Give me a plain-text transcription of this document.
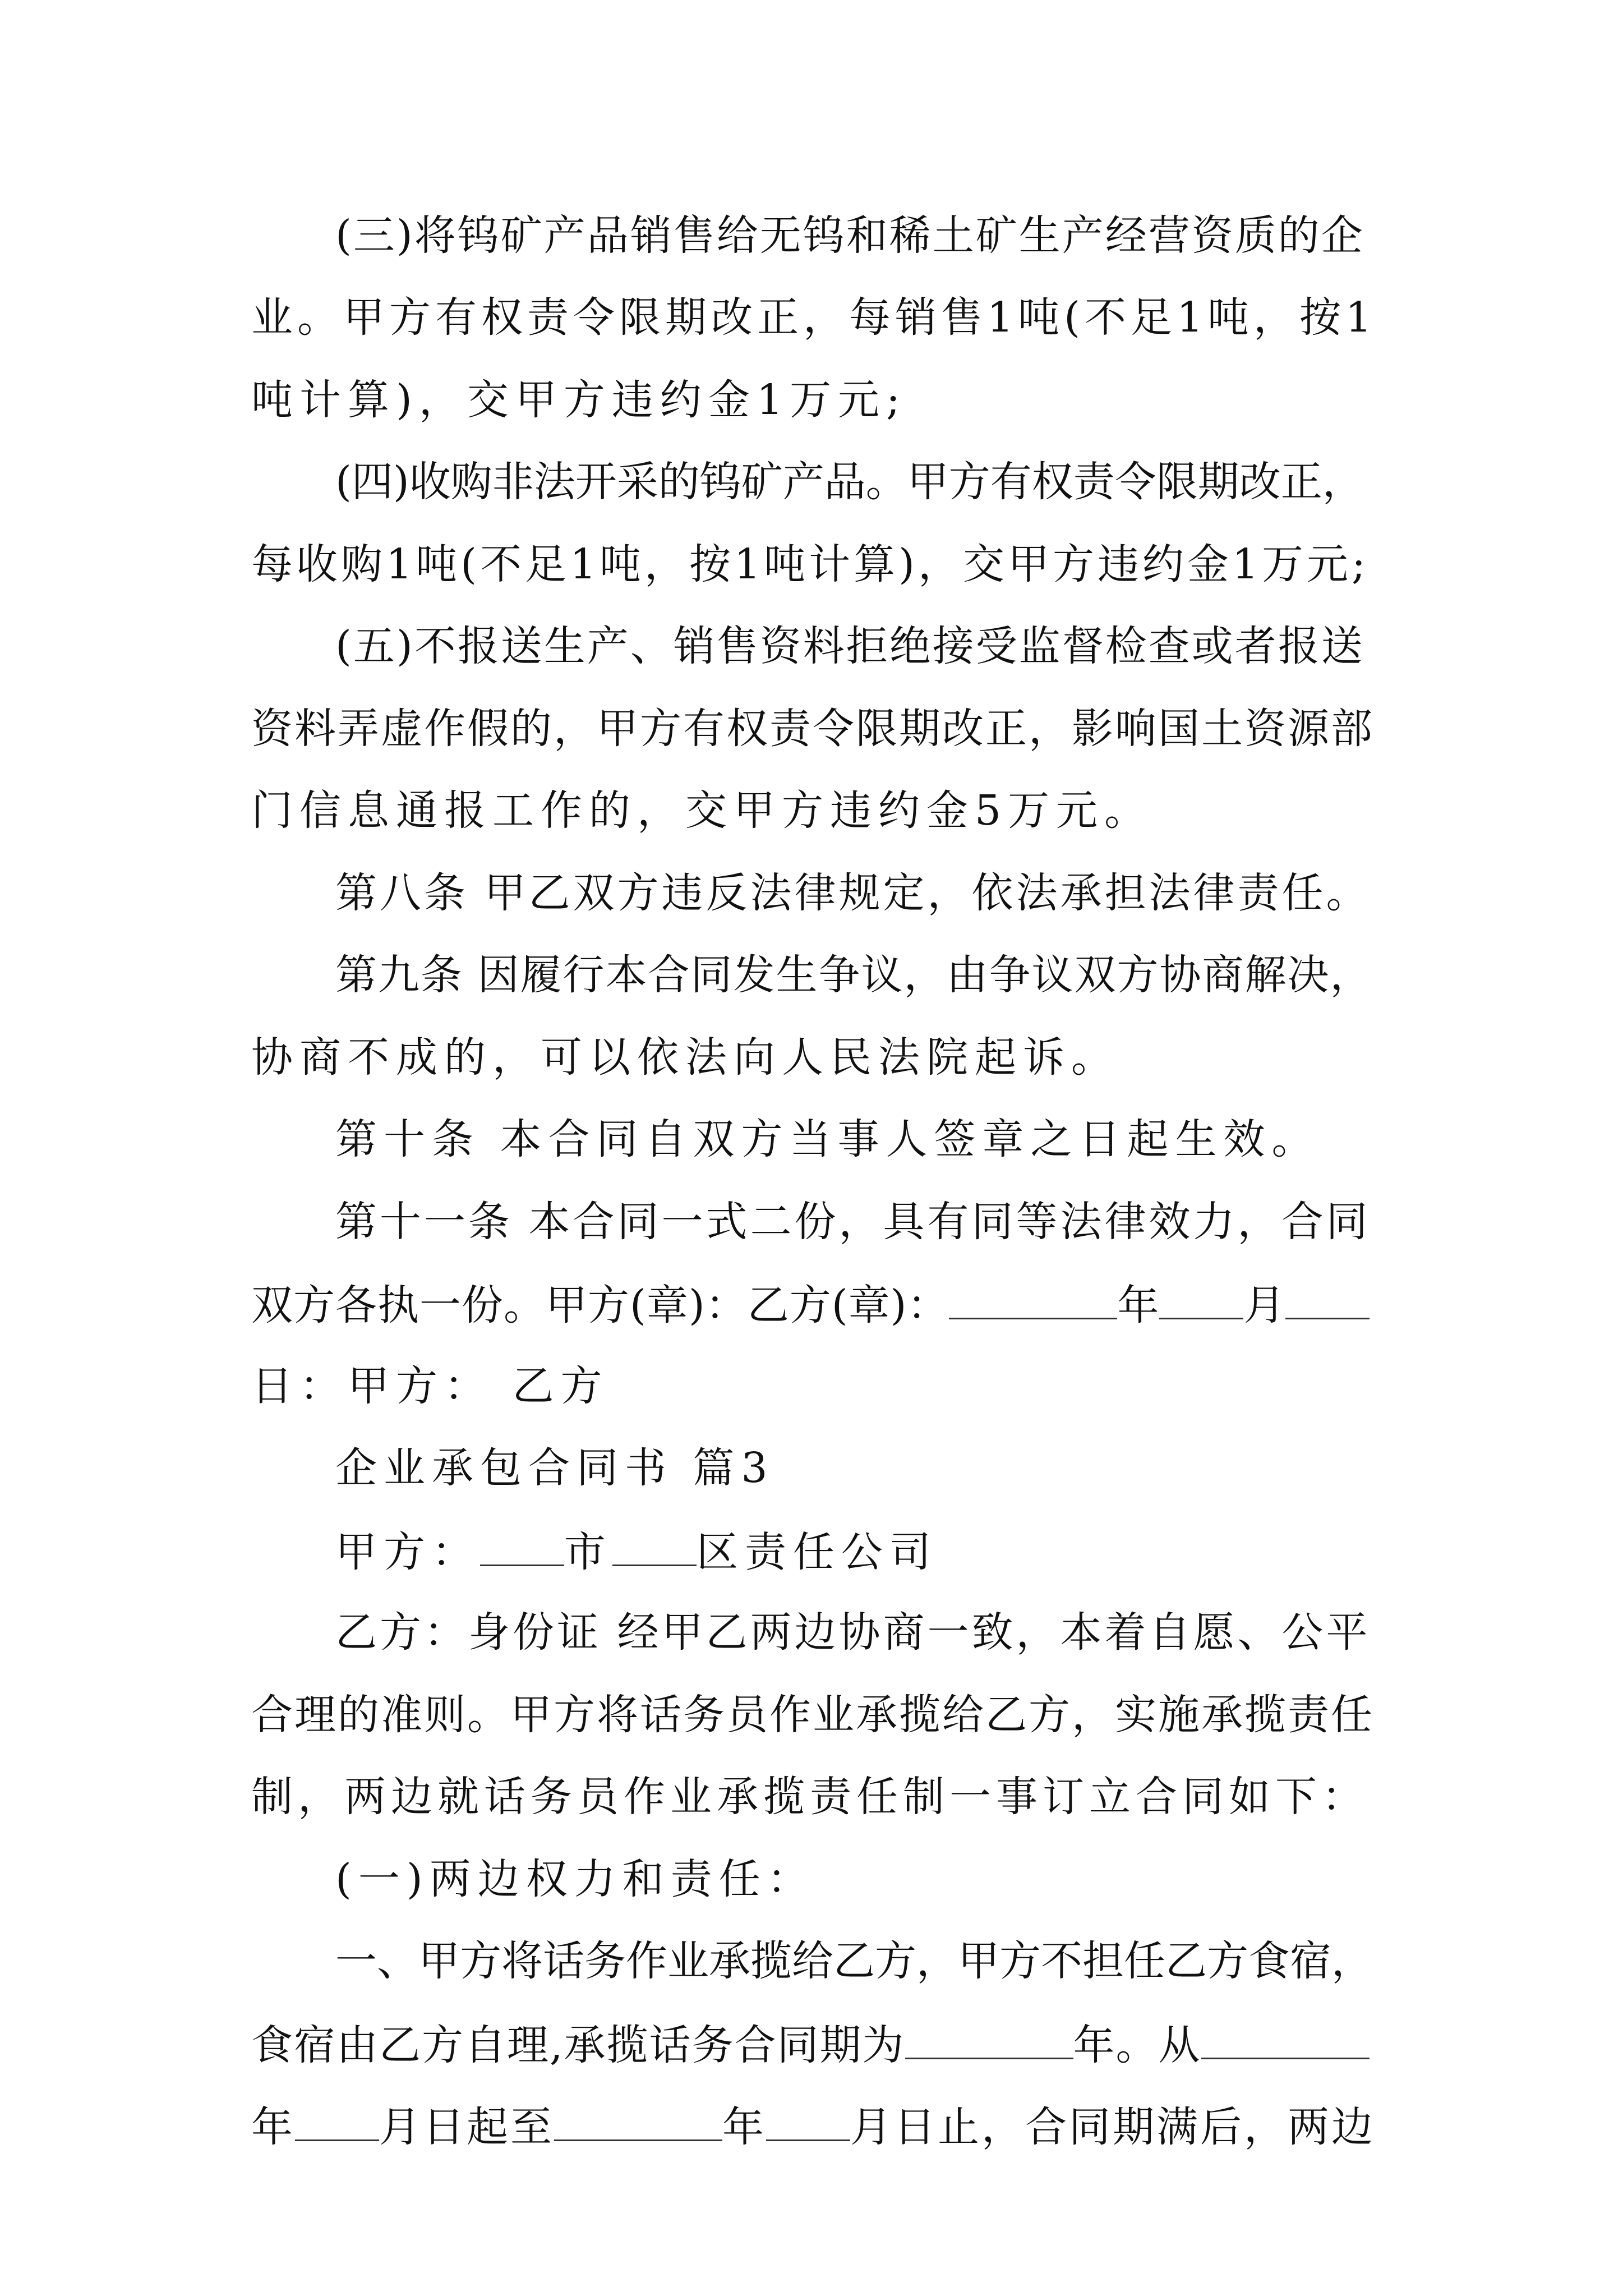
(三)将钨矿产品销售给无钨和稀土矿生产经营资质的企
业。甲方有权责令限期改正，每销售1吨(不足1吨，按1
吨计算)，交甲方违约金1万元;
(四)收购非法开采的钨矿产品。甲方有权责令限期改正，
每收购1吨(不足1吨，按1吨计算)，交甲方违约金1万元;
(五)不报送生产、销售资料拒绝接受监督检查或者报送
资料弄虚作假的，甲方有权责令限期改正，影响国土资源部
门信息通报工作的，交甲方违约金5万元。
第八条 甲乙双方违反法律规定，依法承担法律责任。
第九条 因履行本合同发生争议，由争议双方协商解决，
协商不成的，可以依法向人民法院起诉。
第十条 本合同自双方当事人签章之日起生效。
第十一条 本合同一式二份，具有同等法律效力，合同
双方各执一份。甲方(章)：乙方(章)：	年 月
日：甲方： 乙方
企业承包合同书 篇3
甲方： 市 区责任公司
乙方：身份证 经甲乙两边协商一致，本着自愿、公平
合理的准则。甲方将话务员作业承揽给乙方，实施承揽责任
制，两边就话务员作业承揽责任制一事订立合同如下：
(一)两边权力和责任：
一、甲方将话务作业承揽给乙方，甲方不担任乙方食宿，
食宿由乙方自理,承揽话务合同期为	年。从
年 月日起至	年 月日止，合同期满后，两边
